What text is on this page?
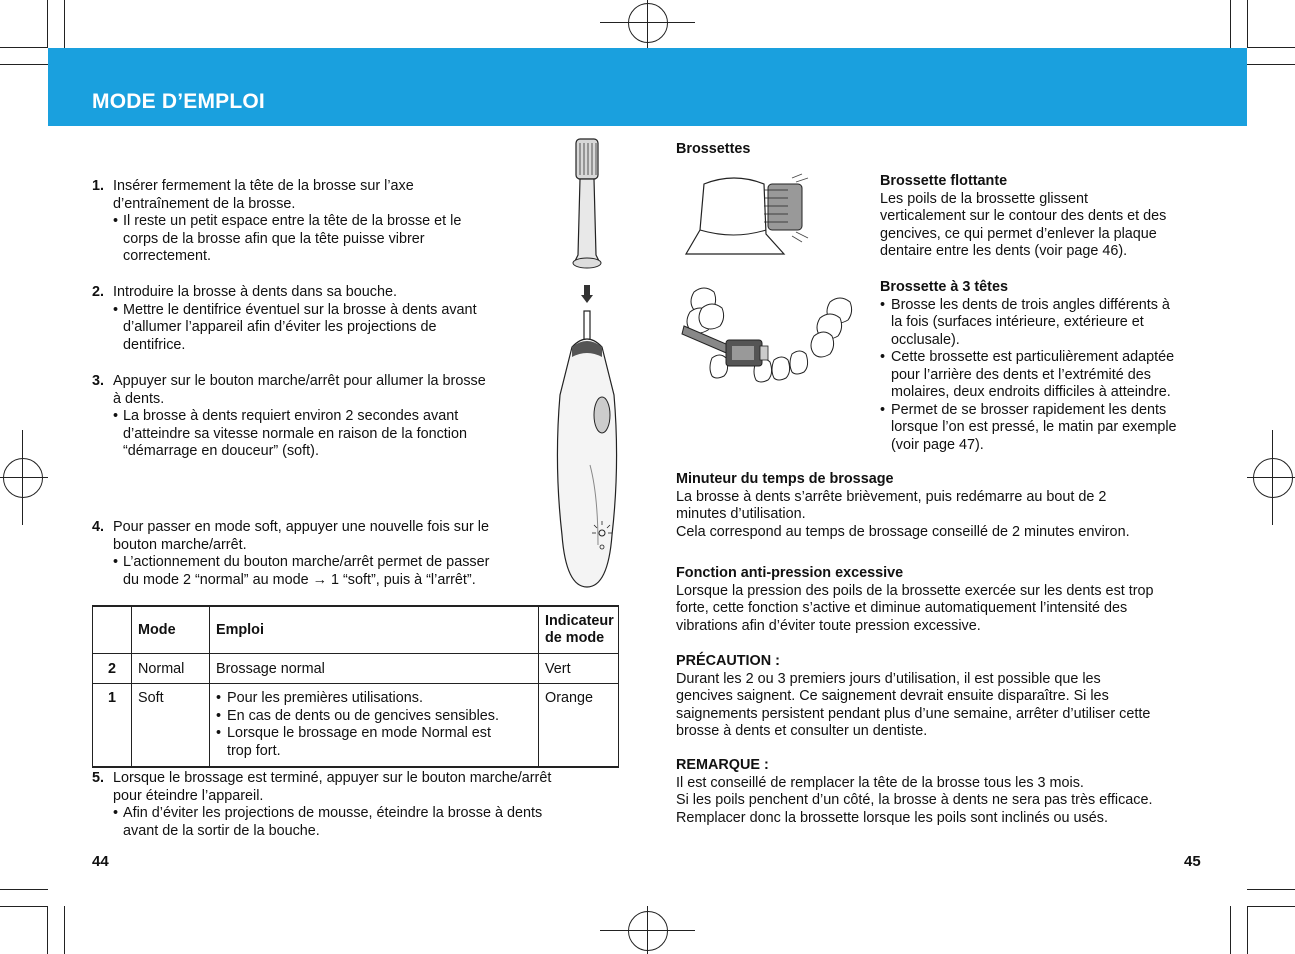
MODE D’EMPLOI
1. Insérer fermement la tête de la brosse sur l’axe
d’entraînement de la brosse.
• Il reste un petit espace entre la tête de la brosse et le
corps de la brosse afin que la tête puisse vibrer
correctement.
2. Introduire la brosse à dents dans sa bouche.
• Mettre le dentifrice éventuel sur la brosse à dents avant
d’allumer l’appareil afin d’éviter les projections de
dentifrice.
3. Appuyer sur le bouton marche/arrêt pour allumer la brosse
à dents.
• La brosse à dents requiert environ 2 secondes avant
d’atteindre sa vitesse normale en raison de la fonction
“démarrage en douceur” (soft).
4. Pour passer en mode soft, appuyer une nouvelle fois sur le
bouton marche/arrêt.
• L’actionnement du bouton marche/arrêt permet de passer
du mode 2 “normal” au mode → 1 “soft”, puis à “l’arrêt”.
	Mode	Emploi	Indicateur
de mode

2	Normal	Brossage normal	Vert
1	Soft	• Pour les premières utilisations.
• En cas de dents ou de gencives sensibles.
• Lorsque le brossage en mode Normal est
trop fort.	Orange
5. Lorsque le brossage est terminé, appuyer sur le bouton marche/arrêt
pour éteindre l’appareil.
• Afin d’éviter les projections de mousse, éteindre la brosse à dents
avant de la sortir de la bouche.
44	45
Brossettes
Brossette flottante
Les poils de la brossette glissent
verticalement sur le contour des dents et des
gencives, ce qui permet d’enlever la plaque
dentaire entre les dents (voir page 46).
Brossette à 3 têtes
• Brosse les dents de trois angles différents à
la fois (surfaces intérieure, extérieure et
occlusale).
• Cette brossette est particulièrement adaptée
pour l’arrière des dents et l’extrémité des
molaires, deux endroits difficiles à atteindre.
• Permet de se brosser rapidement les dents
lorsque l’on est pressé, le matin par exemple
(voir page 47).
Minuteur du temps de brossage
La brosse à dents s’arrête brièvement, puis redémarre au bout de 2
minutes d’utilisation.
Cela correspond au temps de brossage conseillé de 2 minutes environ.
Fonction anti-pression excessive
Lorsque la pression des poils de la brossette exercée sur les dents est trop
forte, cette fonction s’active et diminue automatiquement l’intensité des
vibrations afin d’éviter toute pression excessive.
PRÉCAUTION :
Durant les 2 ou 3 premiers jours d’utilisation, il est possible que les
gencives saignent. Ce saignement devrait ensuite disparaître. Si les
saignements persistent pendant plus d’une semaine, arrêter d’utiliser cette
brosse à dents et consulter un dentiste.
REMARQUE :
Il est conseillé de remplacer la tête de la brosse tous les 3 mois.
Si les poils penchent d’un côté, la brosse à dents ne sera pas très efficace.
Remplacer donc la brossette lorsque les poils sont inclinés ou usés.
